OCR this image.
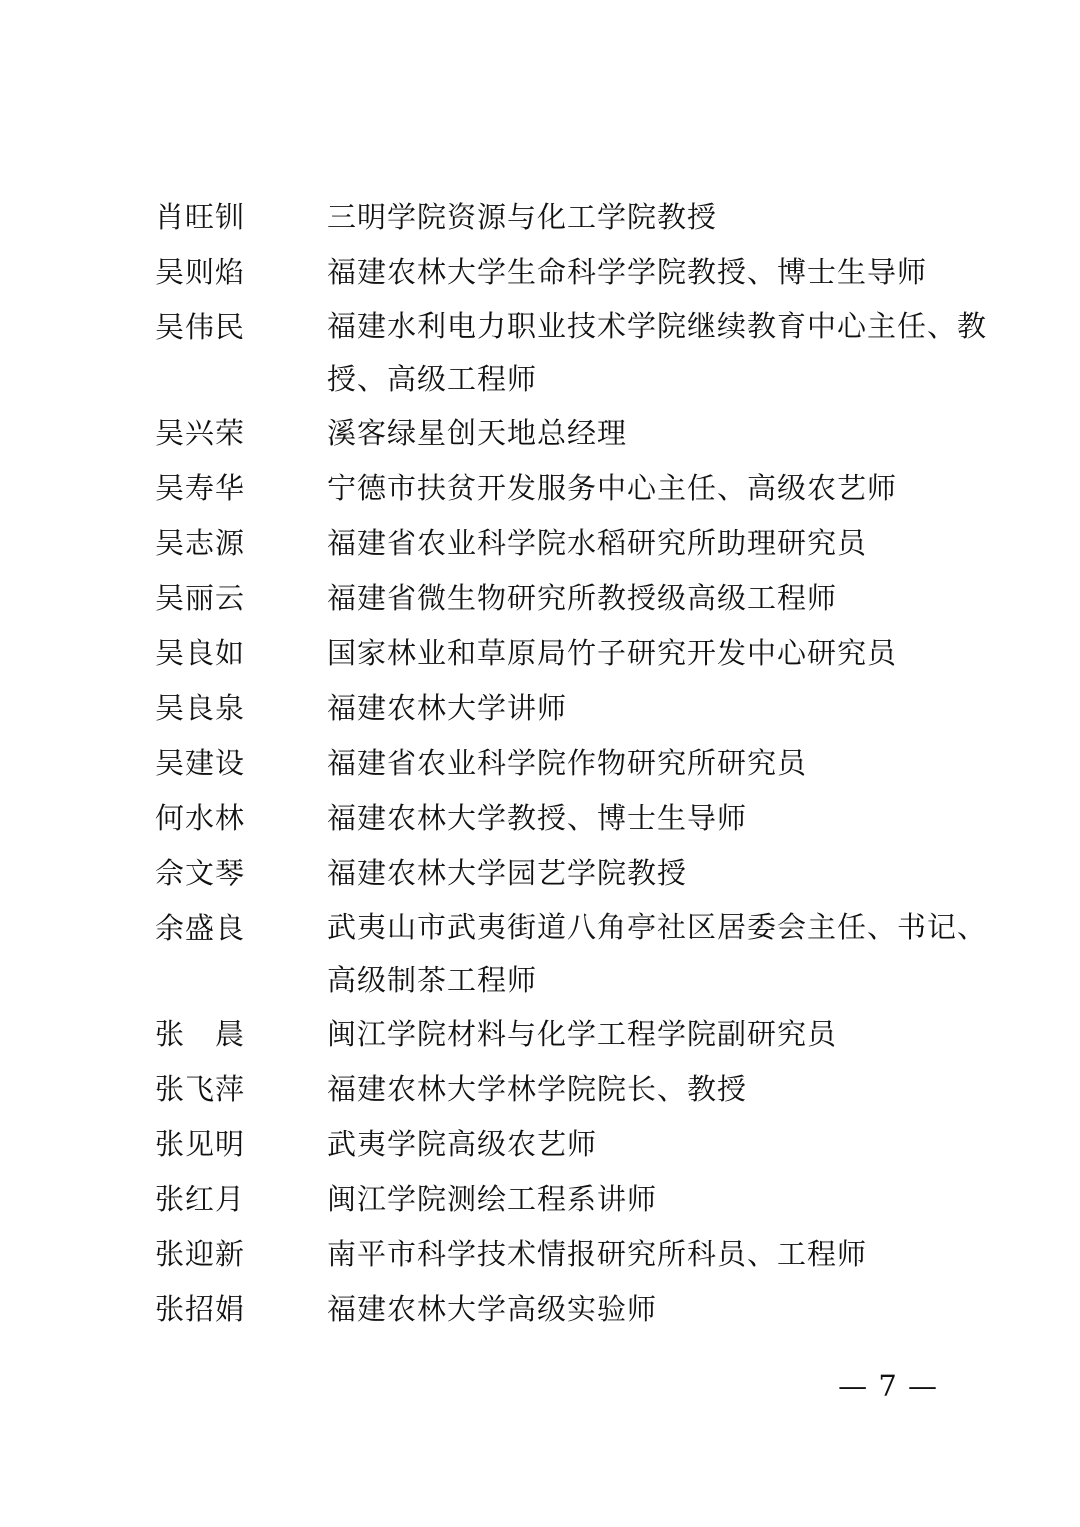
肖旺钏	三明学院资源与化工学院教授
吴则焰	福建农林大学生命科学学院教授、博士生导师
吴伟民	福建水利电力职业技术学院继续教育中心主任、教授、高级工程师
吴兴荣	溪客绿星创天地总经理
吴寿华	宁德市扶贫开发服务中心主任、高级农艺师
吴志源	福建省农业科学院水稻研究所助理研究员
吴丽云	福建省微生物研究所教授级高级工程师
吴良如	国家林业和草原局竹子研究开发中心研究员
吴良泉	福建农林大学讲师
吴建设	福建省农业科学院作物研究所研究员
何水林	福建农林大学教授、博士生导师
佘文琴	福建农林大学园艺学院教授
余盛良	武夷山市武夷街道八角亭社区居委会主任、书记、高级制茶工程师
张　晨	闽江学院材料与化学工程学院副研究员
张飞萍	福建农林大学林学院院长、教授
张见明	武夷学院高级农艺师
张红月	闽江学院测绘工程系讲师
张迎新	南平市科学技术情报研究所科员、工程师
张招娟	福建农林大学高级实验师
— 7 —
